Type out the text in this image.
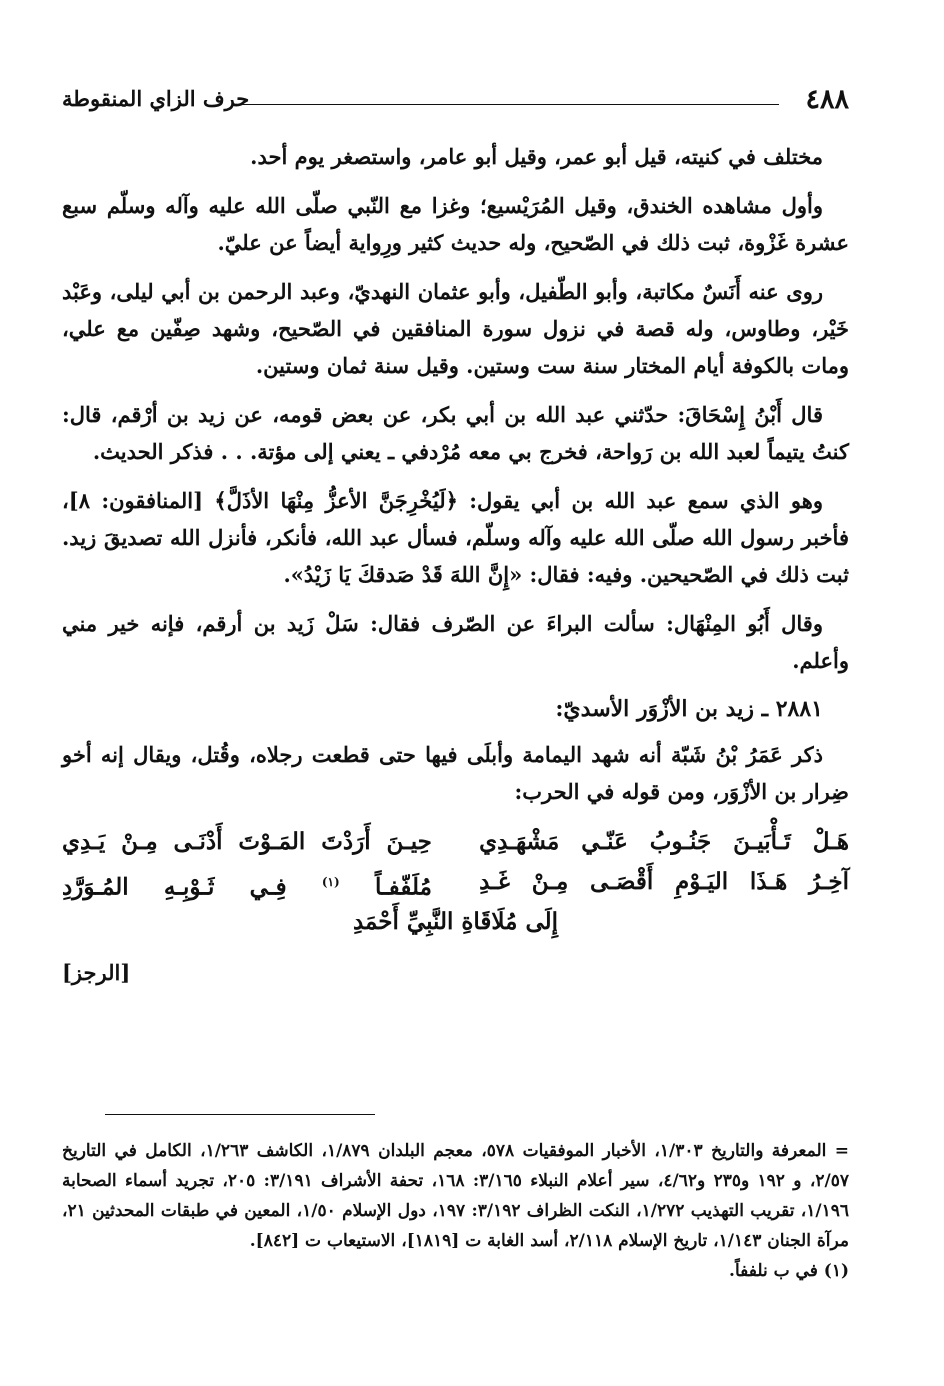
٤٨٨
حرف الزاي المنقوطة

مختلف في كنيته، قيل أبو عمر، وقيل أبو عامر، واستصغر يوم أحد.

وأول مشاهده الخندق، وقيل المُرَيْسيع؛ وغزا مع النّبي صلّى الله عليه وآله وسلّم سبع عشرة غَزْوة، ثبت ذلك في الصّحيح، وله حديث كثير ورِواية أيضاً عن عليّ.

روى عنه أَنَسٌ مكاتبة، وأبو الطّفيل، وأبو عثمان النهديّ، وعبد الرحمن بن أبي ليلى، وعَبْد خَيْر، وطاوس، وله قصة في نزول سورة المنافقين في الصّحيح، وشهد صِفّين مع علي، ومات بالكوفة أيام المختار سنة ست وستين. وقيل سنة ثمان وستين.

قال أَبْنُ إِسْحَاقَ: حدّثني عبد الله بن أبي بكر، عن بعض قومه، عن زيد بن أرْقم، قال: كنتُ يتيماً لعبد الله بن رَواحة، فخرج بي معه مُرْدفي ـ يعني إلى مؤتة. . . فذكر الحديث.

وهو الذي سمع عبد الله بن أبي يقول: ﴿لَيُخْرِجَنَّ الأعزُّ مِنْهَا الأذَلَّ﴾ [المنافقون: ٨]، فأخبر رسول الله صلّى الله عليه وآله وسلّم، فسأل عبد الله، فأنكر، فأنزل الله تصديقَ زيد. ثبت ذلك في الصّحيحين. وفيه: فقال: «إِنَّ اللهَ قَدْ صَدقكَ يَا زَيْدُ».

وقال أَبُو المِنْهَال: سألت البراءَ عن الصّرف فقال: سَلْ زَيد بن أرقم، فإنه خير مني وأعلم.

٢٨٨١ ـ زيد بن الأزْوَر الأسديّ:

ذكر عَمَرُ بْنُ شَبّة أنه شهد اليمامة وأبلَى فيها حتى قطعت رجلاه، وقُتل، ويقال إنه أخو ضِرار بن الأزْوَر، ومن قوله في الحرب:

هَـلْ تَـأْبَيـنَ جَنُـوبُ عَنّـي مَشْهَـدِي
حِيـنَ أَرَدْتَ المَـوْتَ أَدْنَـى مِـنْ يَـدِي
آخِـرُ هَـذَا اليَـوْمِ أَقْصَـى مِـنْ غَـدِ
مُلَفّفـاً $^{(١)}$ فِـي ثَـوْبِـهِ المُـوَرَّدِ
إِلَى مُلَاقَاةِ النَّبِيِّ أَحْمَدِ
[الرجز]

= المعرفة والتاريخ ١/٣٠٣، الأخبار الموفقيات ٥٧٨، معجم البلدان ١/٨٧٩، الكاشف ١/٢٦٣، الكامل في التاريخ ٢/٥٧، و ١٩٢ و٢٣٥ و٤/٦٢، سير أعلام النبلاء ٣/١٦٥: ١٦٨، تحفة الأشراف ٣/١٩١: ٢٠٥، تجريد أسماء الصحابة ١/١٩٦، تقريب التهذيب ١/٢٧٢، النكت الظراف ٣/١٩٢: ١٩٧، دول الإسلام ١/٥٠، المعين في طبقات المحدثين ٢١، مرآة الجنان ١/١٤٣، تاريخ الإسلام ٢/١١٨، أسد الغابة ت [١٨١٩]، الاستيعاب ت [٨٤٢].

(١) في ب نلففاً.
